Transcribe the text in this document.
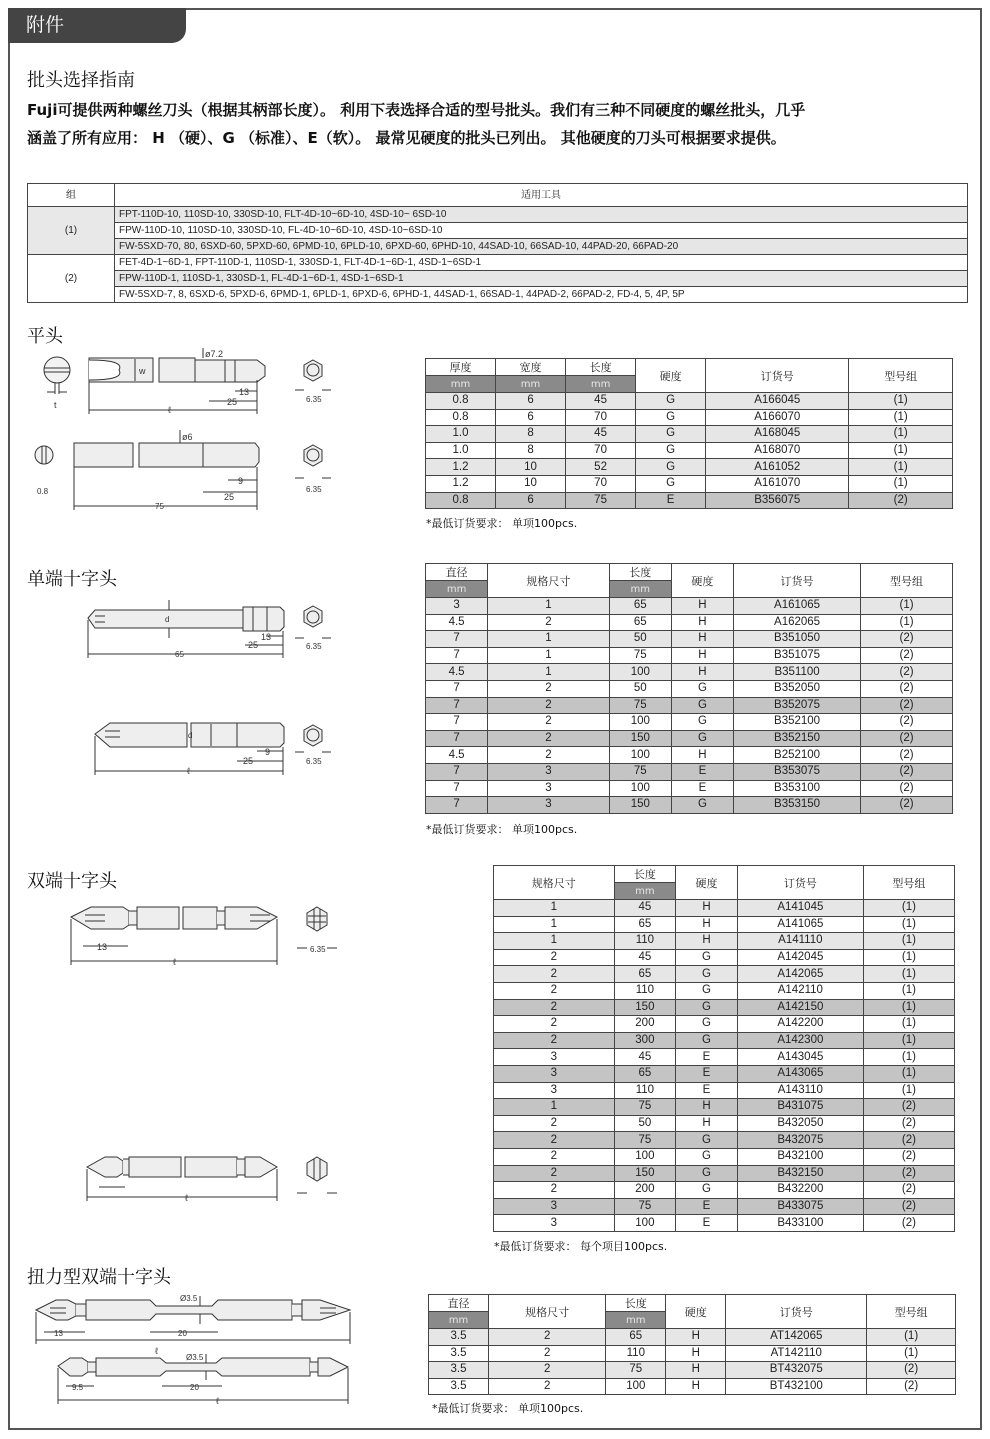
附件
批头选择指南
Fuji可提供两种螺丝刀头（根据其柄部长度）。 利用下表选择合适的型号批头。我们有三种不同硬度的螺丝批头，几乎
涵盖了所有应用： H （硬）、G （标准）、E（软）。 最常见硬度的批头已列出。 其他硬度的刀头可根据要求提供。
组	适用工具
(1)	FPT-110D-10, 110SD-10, 330SD-10, FLT-4D-10~6D-10, 4SD-10~ 6SD-10
	FPW-110D-10, 110SD-10, 330SD-10, FL-4D-10~6D-10, 4SD-10~6SD-10
	FW-5SXD-70, 80, 6SXD-60, 5PXD-60, 6PMD-10, 6PLD-10, 6PXD-60, 6PHD-10, 44SAD-10, 66SAD-10, 44PAD-20, 66PAD-20
(2)	FET-4D-1~6D-1, FPT-110D-1, 110SD-1, 330SD-1, FLT-4D-1~6D-1, 4SD-1~6SD-1
	FPW-110D-1, 110SD-1, 330SD-1, FL-4D-1~6D-1, 4SD-1~6SD-1
	FW-5SXD-7, 8, 6SXD-6, 5PXD-6, 6PMD-1, 6PLD-1, 6PXD-6, 6PHD-1, 44SAD-1, 66SAD-1, 44PAD-2, 66PAD-2, FD-4, 5, 4P, 5P
平头
t
w
ø7.2
13
25
ℓ
6.35
0.8
ø6
9
25
75
6.35
厚度	宽度	长度	硬度	订货号	型号组
mm	mm	mm			
0.8	6	45	G	A166045	(1)
0.8	6	70	G	A166070	(1)
1.0	8	45	G	A168045	(1)
1.0	8	70	G	A168070	(1)
1.2	10	52	G	A161052	(1)
1.2	10	70	G	A161070	(1)
0.8	6	75	E	B356075	(2)
*最低订货要求： 单项100pcs.
单端十字头
d
13
25
65
6.35
d
9
25
ℓ
6.35
直径	规格尺寸	长度	硬度	订货号	型号组
mm		mm			
3	1	65	H	A161065	(1)
4.5	2	65	H	A162065	(1)
7	1	50	H	B351050	(2)
7	1	75	H	B351075	(2)
4.5	1	100	H	B351100	(2)
7	2	50	G	B352050	(2)
7	2	75	G	B352075	(2)
7	2	100	G	B352100	(2)
7	2	150	G	B352150	(2)
4.5	2	100	H	B252100	(2)
7	3	75	E	B353075	(2)
7	3	100	E	B353100	(2)
7	3	150	G	B353150	(2)
*最低订货要求： 单项100pcs.
双端十字头
13
ℓ
6.35
ℓ
规格尺寸	长度	硬度	订货号	型号组
	mm			
1	45	H	A141045	(1)
1	65	H	A141065	(1)
1	110	H	A141110	(1)
2	45	G	A142045	(1)
2	65	G	A142065	(1)
2	110	G	A142110	(1)
2	150	G	A142150	(1)
2	200	G	A142200	(1)
2	300	G	A142300	(1)
3	45	E	A143045	(1)
3	65	E	A143065	(1)
3	110	E	A143110	(1)
1	75	H	B431075	(2)
2	50	H	B432050	(2)
2	75	G	B432075	(2)
2	100	G	B432100	(2)
2	150	G	B432150	(2)
2	200	G	B432200	(2)
3	75	E	B433075	(2)
3	100	E	B433100	(2)
*最低订货要求： 每个项目100pcs.
扭力型双端十字头
Ø3.5
13	20
ℓ
Ø3.5
9.5	20
ℓ
直径	规格尺寸	长度	硬度	订货号	型号组
mm		mm			
3.5	2	65	H	AT142065	(1)
3.5	2	110	H	AT142110	(1)
3.5	2	75	H	BT432075	(2)
3.5	2	100	H	BT432100	(2)
*最低订货要求： 单项100pcs.
